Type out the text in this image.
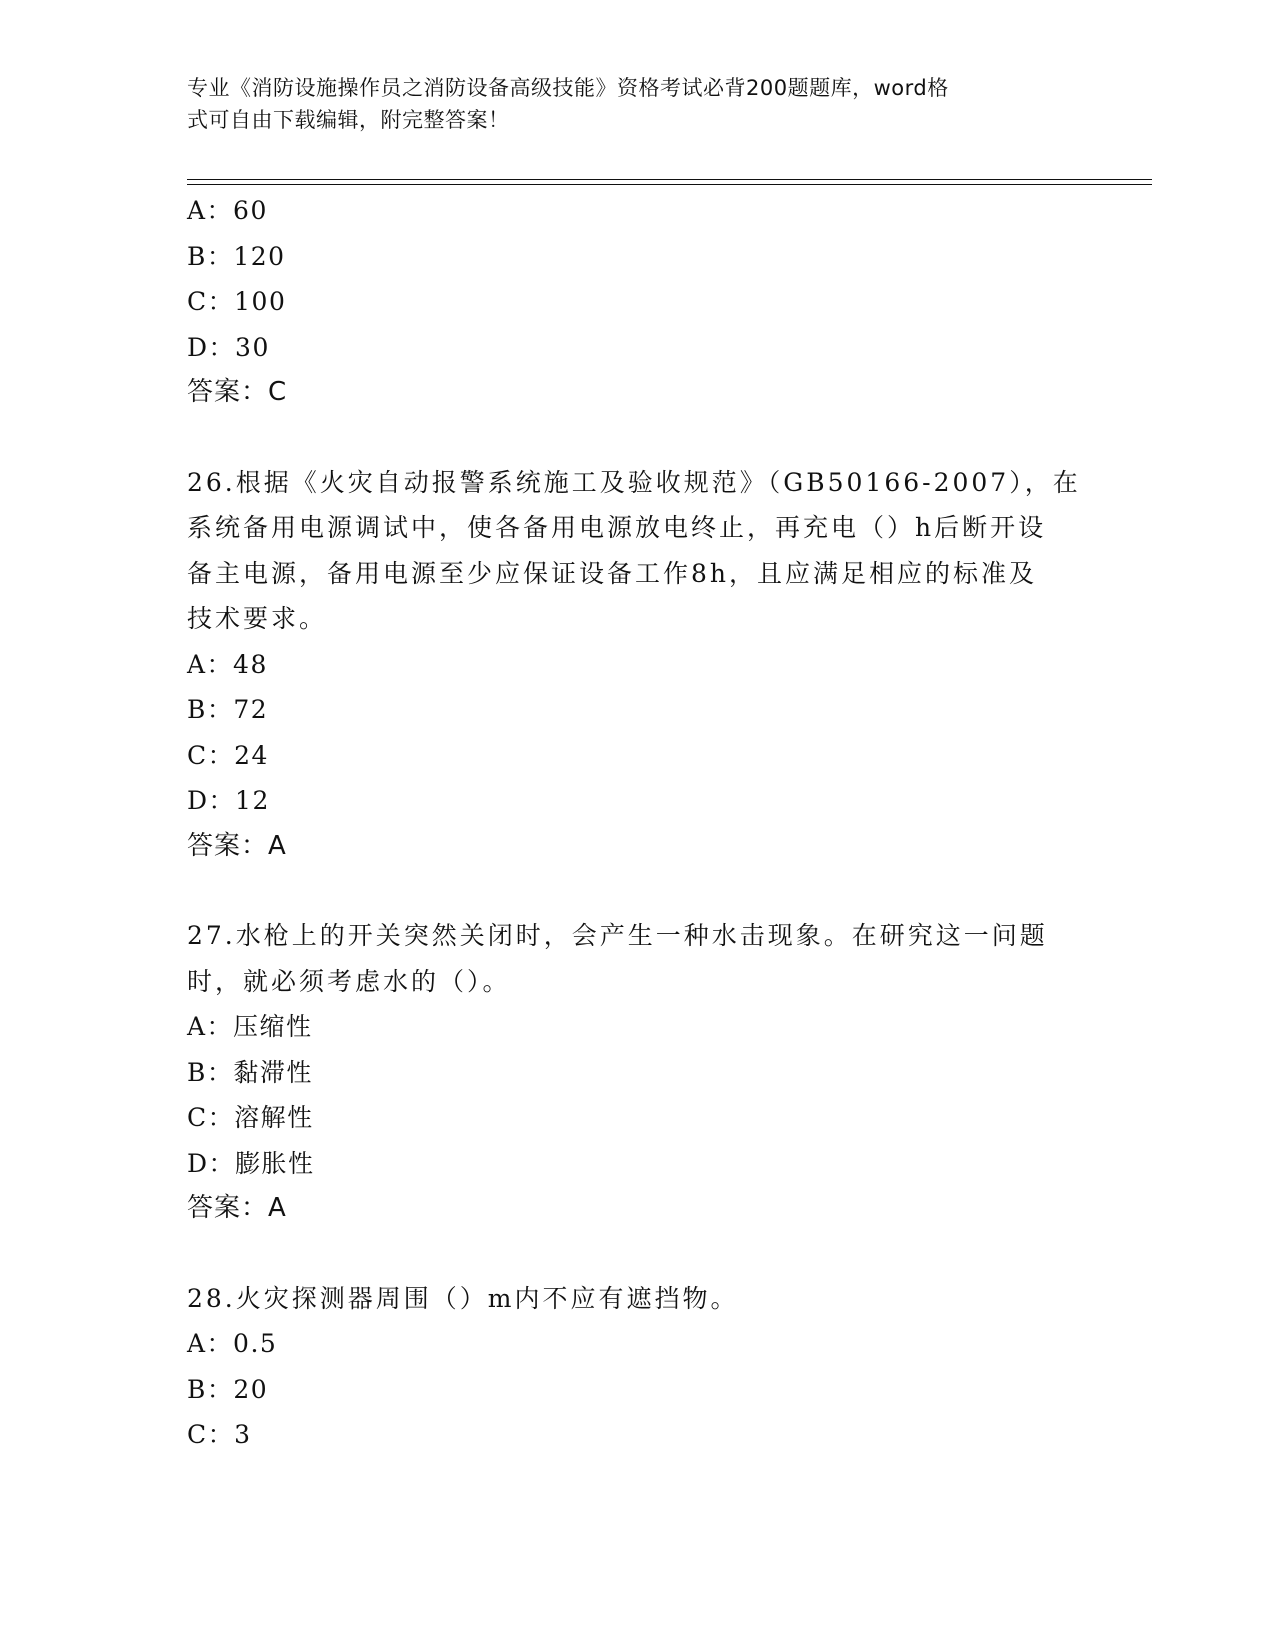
专业《消防设施操作员之消防设备高级技能》资格考试必背200题题库，word格
式可自由下载编辑，附完整答案！
A：60
B：120
C：100
D：30
答案：C
26.根据《火灾自动报警系统施工及验收规范》（GB50166-2007），在
系统备用电源调试中，使各备用电源放电终止，再充电（）h后断开设
备主电源，备用电源至少应保证设备工作8h，且应满足相应的标准及
技术要求。
A：48
B：72
C：24
D：12
答案：A
27.水枪上的开关突然关闭时，会产生一种水击现象。在研究这一问题
时，就必须考虑水的（）。
A：压缩性
B：黏滞性
C：溶解性
D：膨胀性
答案：A
28.火灾探测器周围（）m内不应有遮挡物。
A：0.5
B：20
C：3
